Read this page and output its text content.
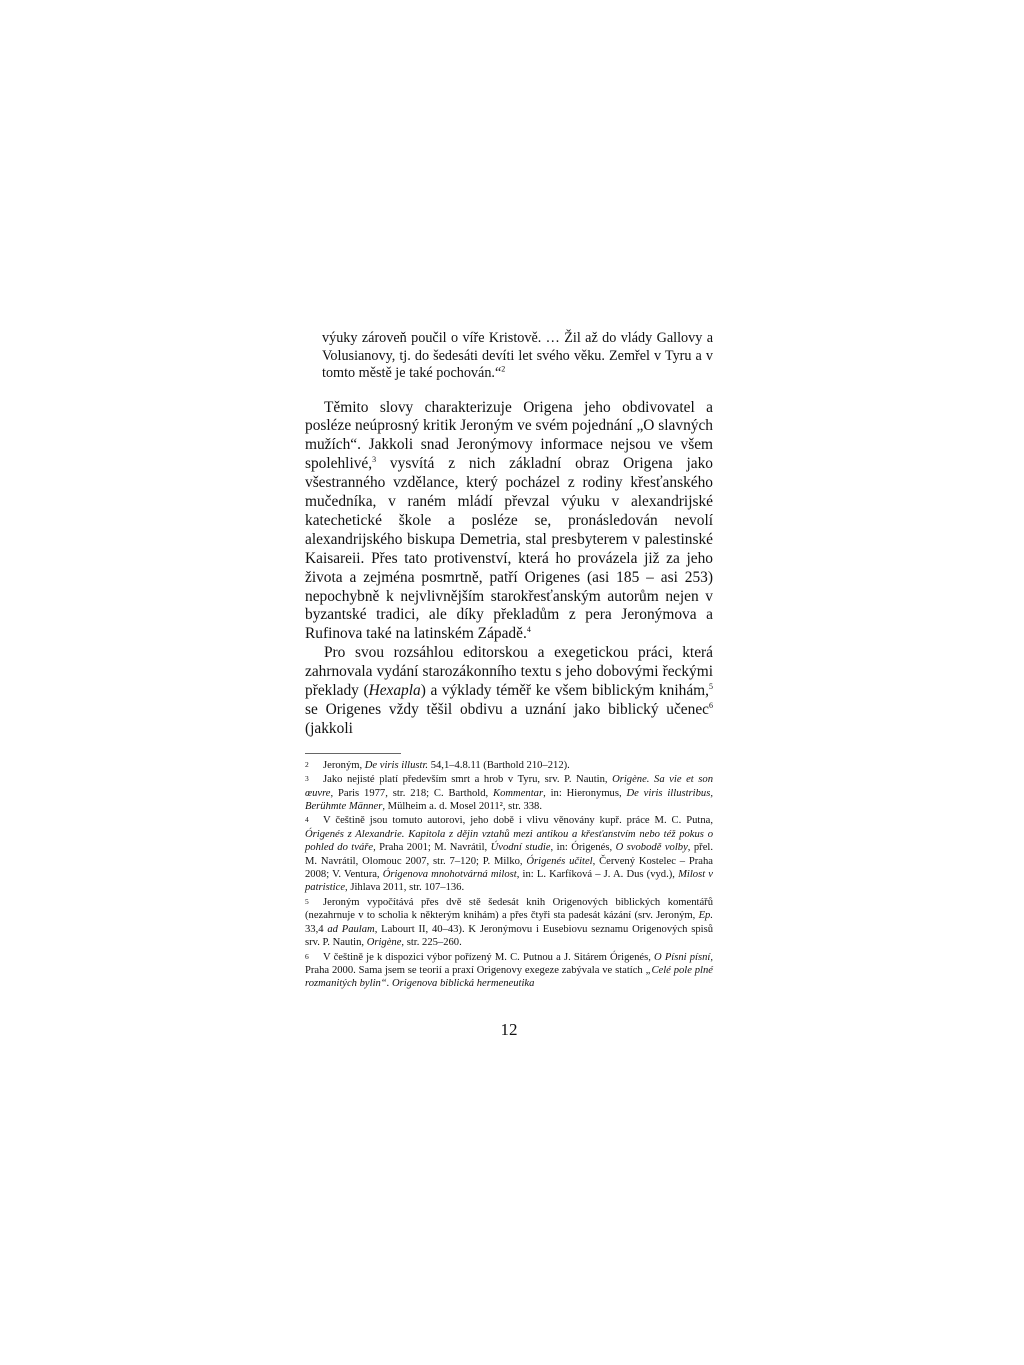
výuky zároveň poučil o víře Kristově. … Žil až do vlády Gallovy a Volusianovy, tj. do šedesáti devíti let svého věku. Zemřel v Tyru a v tomto městě je také pochován.“$^2$

Těmito slovy charakterizuje Origena jeho obdivovatel a posléze neúprosný kritik Jeroným ve svém pojednání „O slavných mužích“. Jakkoli snad Jeronýmovy informace nejsou ve všem spolehlivé,$^3$ vysvítá z nich základní obraz Origena jako všestranného vzdělance, který pocházel z rodiny křesťanského mučedníka, v raném mládí převzal výuku v alexandrijské katechetické škole a posléze se, pronásledován nevolí alexandrijského biskupa Demetria, stal presbyterem v palestinské Kaisareii. Přes tato protivenství, která ho provázela již za jeho života a zejména posmrtně, patří Origenes (asi 185 – asi 253) nepochybně k nejvlivnějším starokřesťanským autorům nejen v byzantské tradici, ale díky překladům z pera Jeronýmova a Rufinova také na latinském Západě.$^4$

Pro svou rozsáhlou editorskou a exegetickou práci, která zahrnovala vydání starozákonního textu s jeho dobovými řeckými překlady (Hexapla) a výklady téměř ke všem biblickým knihám,$^5$ se Origenes vždy těšil obdivu a uznání jako biblický učenec$^6$ (jakkoli

2 Jeroným, De viris illustr. 54,1–4.8.11 (Barthold 210–212).

3 Jako nejisté platí především smrt a hrob v Tyru, srv. P. Nautin, Origène. Sa vie et son œuvre, Paris 1977, str. 218; C. Barthold, Kommentar, in: Hieronymus, De viris illustribus, Berühmte Männer, Mülheim a. d. Mosel 2011², str. 338.

4 V češtině jsou tomuto autorovi, jeho době i vlivu věnovány kupř. práce M. C. Putna, Órigenés z Alexandrie. Kapitola z dějin vztahů mezi antikou a křesťanstvím nebo též pokus o pohled do tváře, Praha 2001; M. Navrátil, Úvodní studie, in: Órigenés, O svobodě volby, přel. M. Navrátil, Olomouc 2007, str. 7–120; P. Milko, Órigenés učitel, Červený Kostelec – Praha 2008; V. Ventura, Órigenova mnohotvárná milost, in: L. Karfíková – J. A. Dus (vyd.), Milost v patristice, Jihlava 2011, str. 107–136.

5 Jeroným vypočítává přes dvě stě šedesát knih Origenových biblických komentářů (nezahrnuje v to scholia k některým knihám) a přes čtyři sta padesát kázání (srv. Jeroným, Ep. 33,4 ad Paulam, Labourt II, 40–43). K Jeronýmovu i Eusebiovu seznamu Origenových spisů srv. P. Nautin, Origène, str. 225–260.

6 V češtině je k dispozici výbor pořízený M. C. Putnou a J. Sitárem Órigenés, O Písni písní, Praha 2000. Sama jsem se teorií a praxí Origenovy exegeze zabývala ve statích „Celé pole plné rozmanitých bylin“. Origenova biblická hermeneutika

12
